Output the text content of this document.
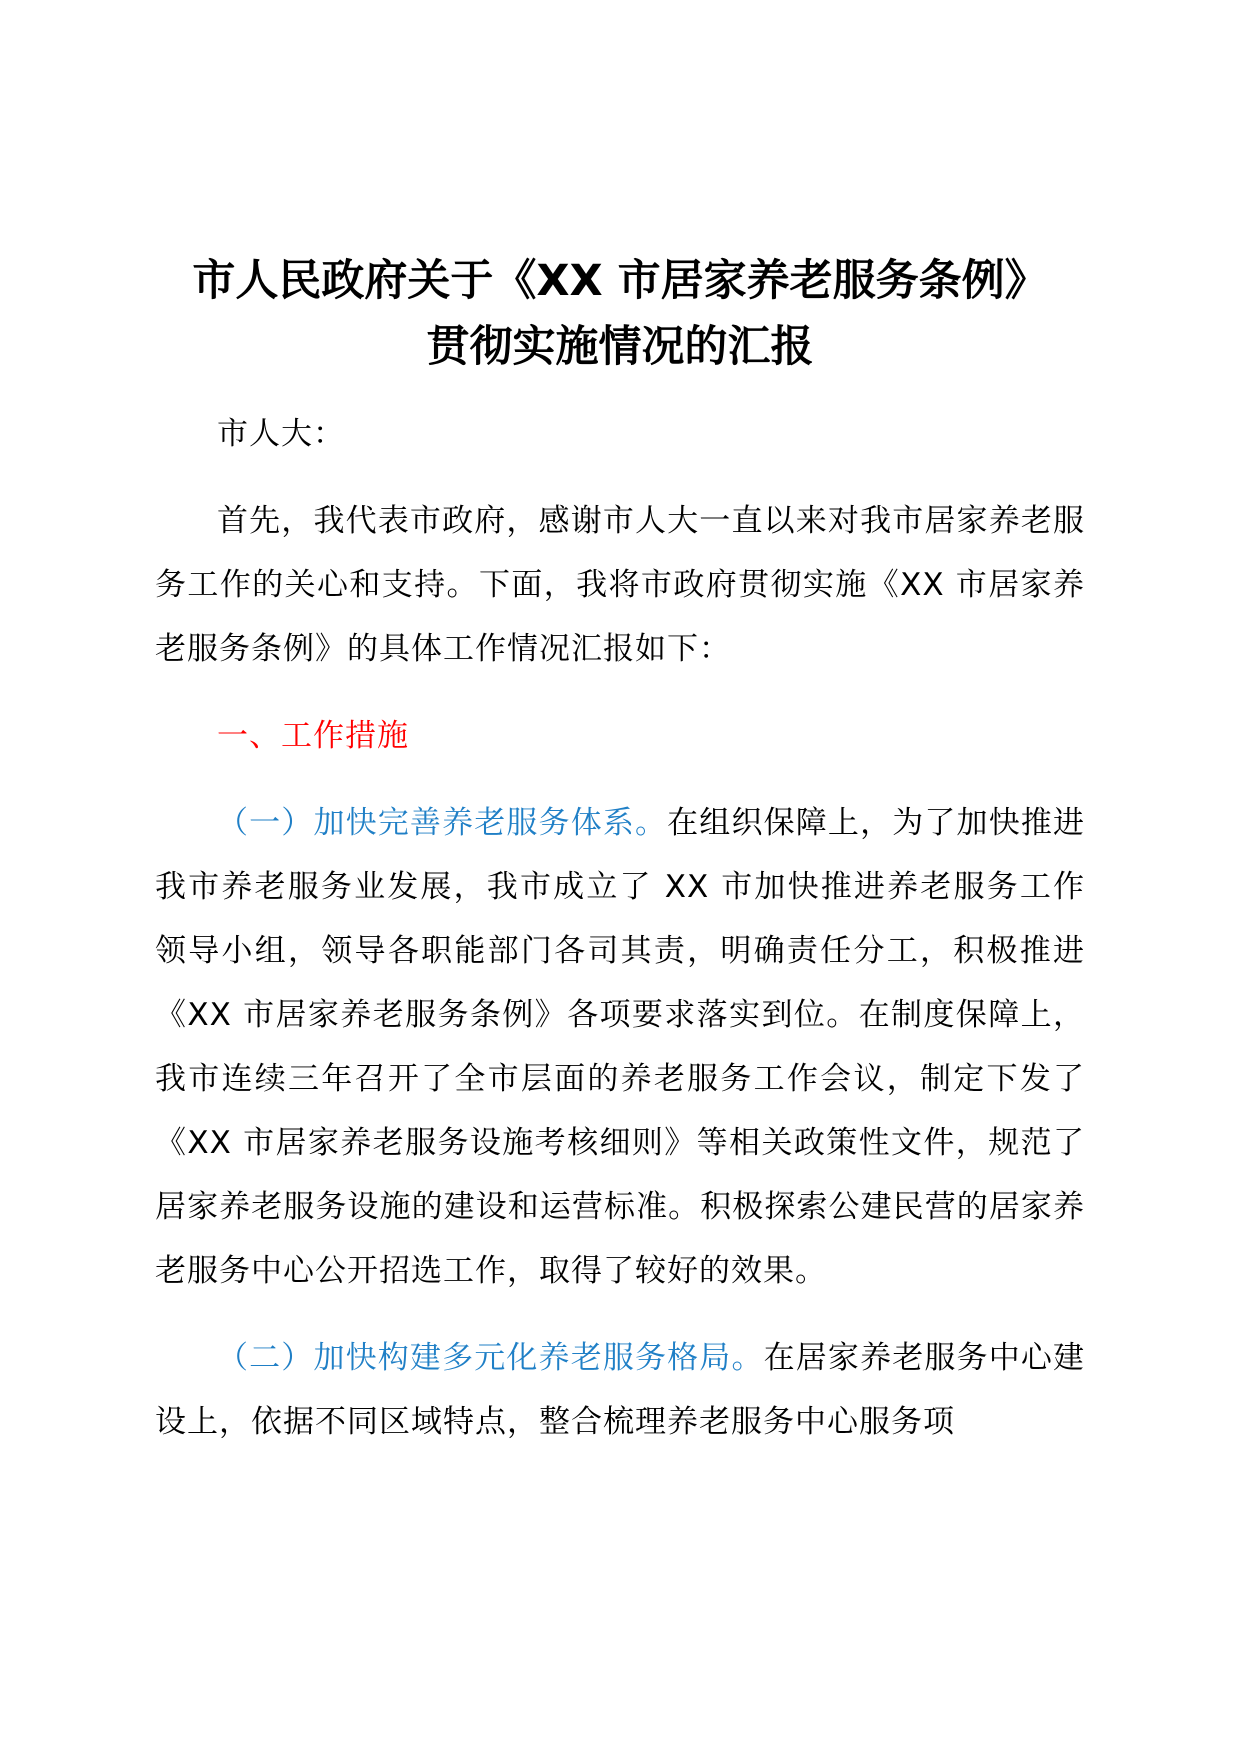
市人民政府关于《XX 市居家养老服务条例》
贯彻实施情况的汇报

市人大：

首先，我代表市政府，感谢市人大一直以来对我市居家养老服务工作的关心和支持。下面，我将市政府贯彻实施《XX 市居家养老服务条例》的具体工作情况汇报如下：

一、工作措施

（一）加快完善养老服务体系。在组织保障上，为了加快推进我市养老服务业发展，我市成立了 XX 市加快推进养老服务工作领导小组，领导各职能部门各司其责，明确责任分工，积极推进《XX 市居家养老服务条例》各项要求落实到位。在制度保障上，我市连续三年召开了全市层面的养老服务工作会议，制定下发了《XX 市居家养老服务设施考核细则》等相关政策性文件，规范了居家养老服务设施的建设和运营标准。积极探索公建民营的居家养老服务中心公开招选工作，取得了较好的效果。

（二）加快构建多元化养老服务格局。在居家养老服务中心建设上，依据不同区域特点，整合梳理养老服务中心服务项
